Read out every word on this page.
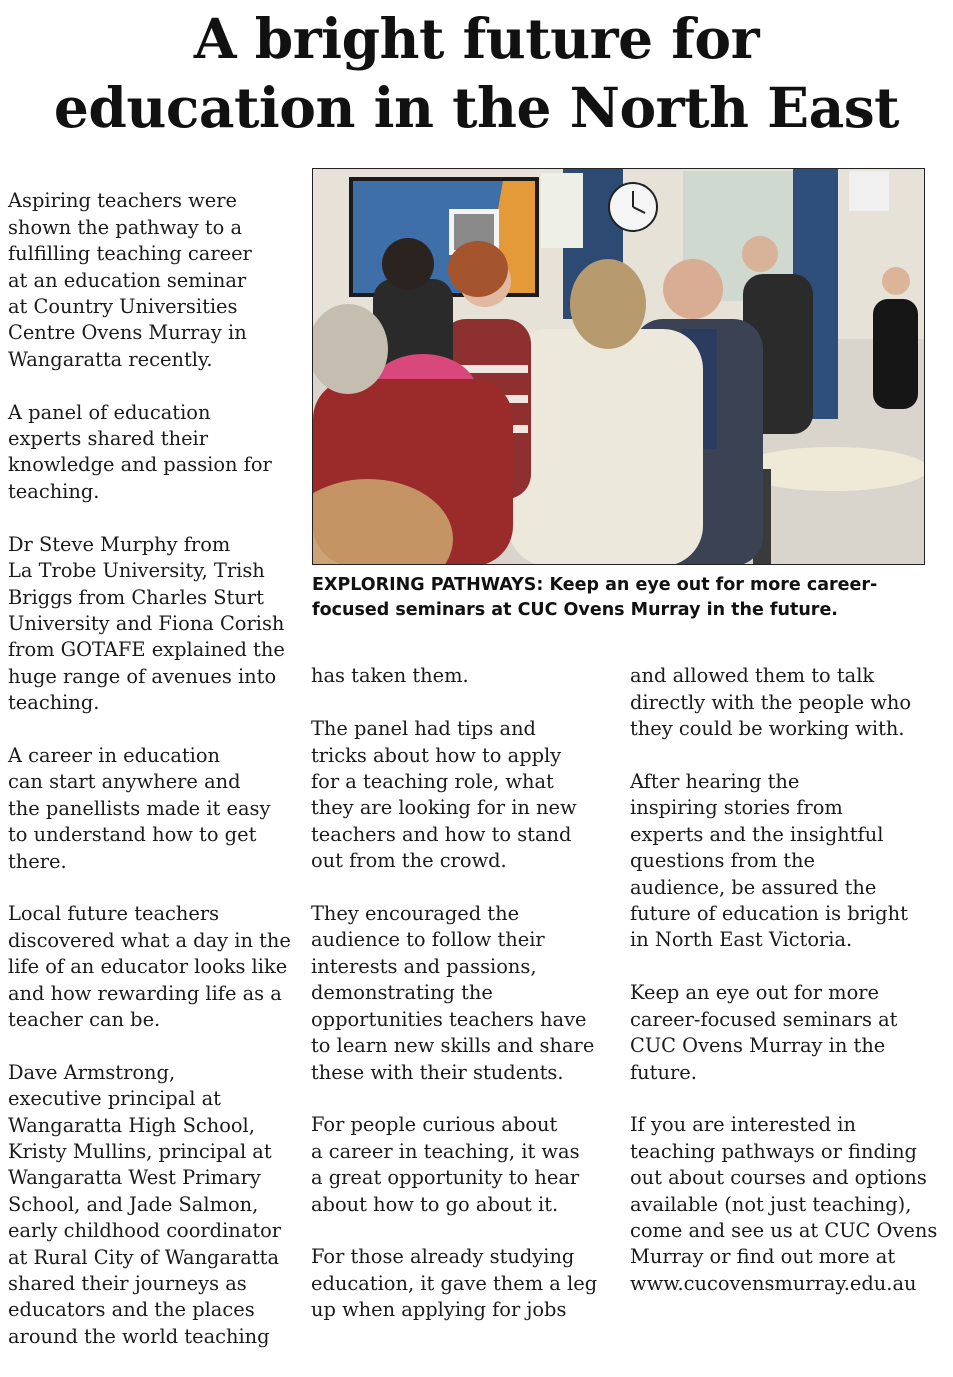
A bright future for
education in the North East

Aspiring teachers were
shown the pathway to a
fulfilling teaching career
at an education seminar
at Country Universities
Centre Ovens Murray in
Wangaratta recently.

A panel of education
experts shared their
knowledge and passion for
teaching.

Dr Steve Murphy from
La Trobe University, Trish
Briggs from Charles Sturt
University and Fiona Corish
from GOTAFE explained the
huge range of avenues into
teaching.

A career in education
can start anywhere and
the panellists made it easy
to understand how to get
there.

Local future teachers
discovered what a day in the
life of an educator looks like
and how rewarding life as a
teacher can be.

Dave Armstrong,
executive principal at
Wangaratta High School,
Kristy Mullins, principal at
Wangaratta West Primary
School, and Jade Salmon,
early childhood coordinator
at Rural City of Wangaratta
shared their journeys as
educators and the places
around the world teaching

EXPLORING PATHWAYS: Keep an eye out for more career-
focused seminars at CUC Ovens Murray in the future.

has taken them.

The panel had tips and
tricks about how to apply
for a teaching role, what
they are looking for in new
teachers and how to stand
out from the crowd.

They encouraged the
audience to follow their
interests and passions,
demonstrating the
opportunities teachers have
to learn new skills and share
these with their students.

For people curious about
a career in teaching, it was
a great opportunity to hear
about how to go about it.

For those already studying
education, it gave them a leg
up when applying for jobs

and allowed them to talk
directly with the people who
they could be working with.

After hearing the
inspiring stories from
experts and the insightful
questions from the
audience, be assured the
future of education is bright
in North East Victoria.

Keep an eye out for more
career-focused seminars at
CUC Ovens Murray in the
future.

If you are interested in
teaching pathways or finding
out about courses and options
available (not just teaching),
come and see us at CUC Ovens
Murray or find out more at
www.cucovensmurray.edu.au
